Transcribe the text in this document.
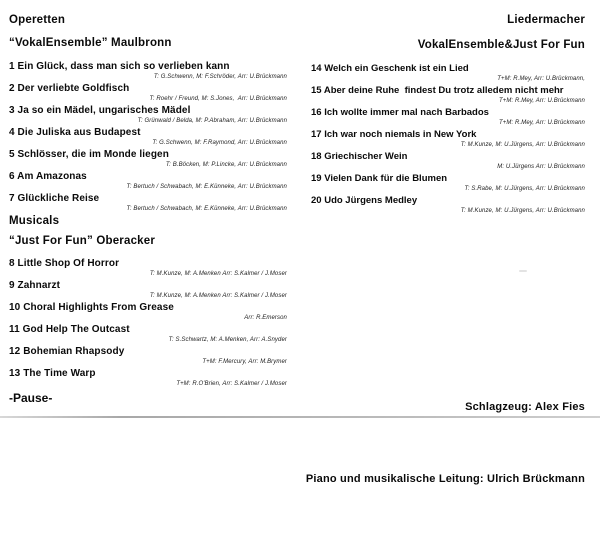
Operetten
“VokalEnsemble” Maulbronn
1 Ein Glück, dass man sich so verlieben kann
T: G.Schwenn, M: F.Schröder, Arr: U.Brückmann
2 Der verliebte Goldfisch
T: Roehr / Freund, M: S.Jones,  Arr: U.Brückmann
3 Ja so ein Mädel, ungarisches Mädel
T: Grünwald / Belda, M: P.Abraham, Arr: U.Brückmann
4 Die Juliska aus Budapest
T: G.Schwenn, M: F.Raymond, Arr: U.Brückmann
5 Schlösser, die im Monde liegen
T: B.Böcken, M: P.Lincke, Arr: U.Brückmann
6 Am Amazonas
T: Bertuch / Schwabach, M: E.Künneke, Arr: U.Brückmann
7 Glückliche Reise
T: Bertuch / Schwabach, M: E.Künneke, Arr: U.Brückmann
Musicals
“Just For Fun” Oberacker
8 Little Shop Of Horror
T: M.Kunze, M: A.Menken Arr: S.Kalmer / J.Moser
9 Zahnarzt
T: M.Kunze, M: A.Menken Arr: S.Kalmer / J.Moser
10 Choral Highlights From Grease
Arr: R.Emerson
11 God Help The Outcast
T: S.Schwartz, M: A.Menken, Arr: A.Snyder
12 Bohemian Rhapsody
T+M: F.Mercury, Arr: M.Brymer
13 The Time Warp
T+M: R.O'Brien, Arr: S.Kalmer / J.Moser
-Pause-
Liedermacher
VokalEnsemble&Just For Fun
14 Welch ein Geschenk ist ein Lied
T+M: R.Mey, Arr: U.Brückmann,
15 Aber deine Ruhe  findest Du trotz alledem nicht mehr
T+M: R.Mey, Arr: U.Brückmann
16 Ich wollte immer mal nach Barbados
T+M: R.Mey, Arr: U.Brückmann
17 Ich war noch niemals in New York
T: M.Kunze, M: U.Jürgens, Arr: U.Brückmann
18 Griechischer Wein
M: U.Jürgens Arr: U.Brückmann
19 Vielen Dank für die Blumen
T: S.Rabe, M: U.Jürgens, Arr: U.Brückmann
20 Udo Jürgens Medley
T: M.Kunze, M: U.Jürgens, Arr: U.Brückmann

Schlagzeug: Alex Fies

Piano und musikalische Leitung: Ulrich Brückmann
